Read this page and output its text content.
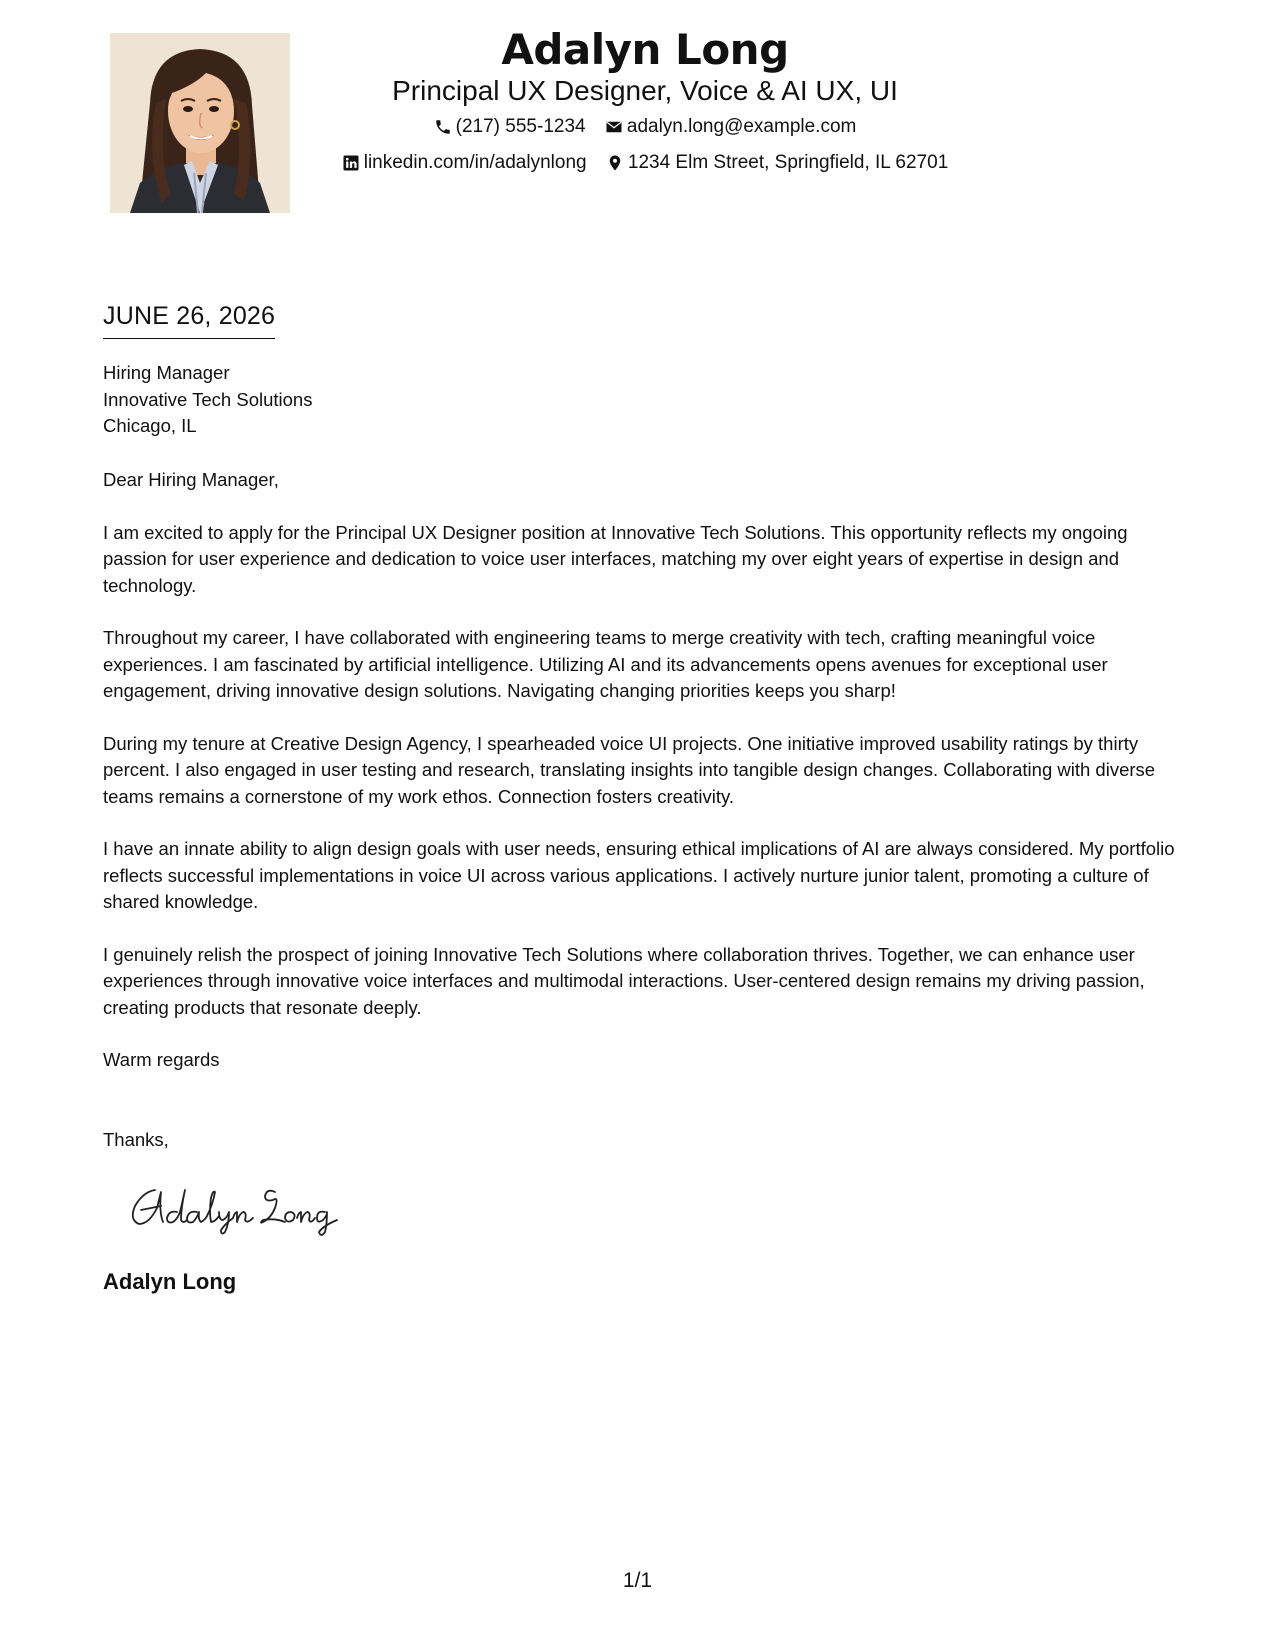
Adalyn Long
Principal UX Designer, Voice & AI UX, UI
(217) 555-1234
adalyn.long@example.com
linkedin.com/in/adalynlong
1234 Elm Street, Springfield, IL 62701
JUNE 26, 2026
Hiring Manager
Innovative Tech Solutions
Chicago, IL

Dear Hiring Manager,

I am excited to apply for the Principal UX Designer position at Innovative Tech Solutions. This opportunity reflects my ongoing passion for user experience and dedication to voice user interfaces, matching my over eight years of expertise in design and technology.

Throughout my career, I have collaborated with engineering teams to merge creativity with tech, crafting meaningful voice experiences. I am fascinated by artificial intelligence. Utilizing AI and its advancements opens avenues for exceptional user engagement, driving innovative design solutions. Navigating changing priorities keeps you sharp!

During my tenure at Creative Design Agency, I spearheaded voice UI projects. One initiative improved usability ratings by thirty percent. I also engaged in user testing and research, translating insights into tangible design changes. Collaborating with diverse teams remains a cornerstone of my work ethos. Connection fosters creativity.

I have an innate ability to align design goals with user needs, ensuring ethical implications of AI are always considered. My portfolio reflects successful implementations in voice UI across various applications. I actively nurture junior talent, promoting a culture of shared knowledge.

I genuinely relish the prospect of joining Innovative Tech Solutions where collaboration thrives. Together, we can enhance user experiences through innovative voice interfaces and multimodal interactions. User-centered design remains my driving passion, creating products that resonate deeply.

Warm regards
Thanks,
Adalyn Long
1/1
